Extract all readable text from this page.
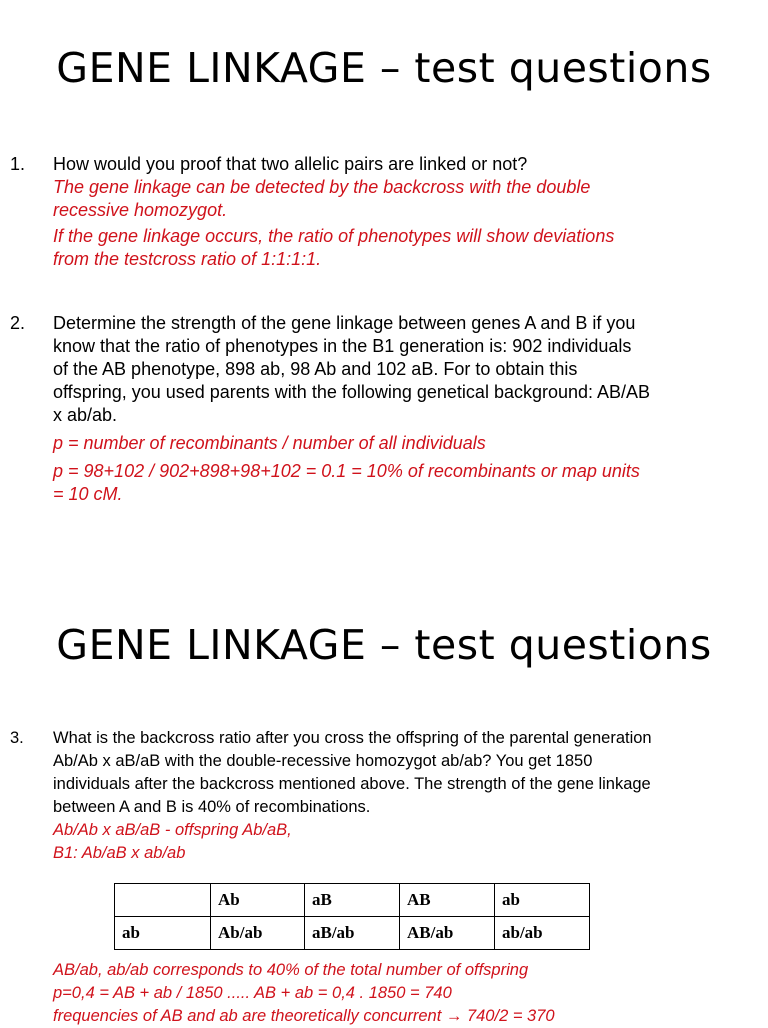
GENE LINKAGE – test questions
1. How would you proof that two allelic pairs are linked or not?
The gene linkage can be detected by the backcross with the double
recessive homozygot.
If the gene linkage occurs, the ratio of phenotypes will show deviations
from the testcross ratio of 1:1:1:1.
2. Determine the strength of the gene linkage between genes A and B if you
know that the ratio of phenotypes in the B1 generation is: 902 individuals
of the AB phenotype, 898 ab, 98 Ab and 102 aB. For to obtain this
offspring, you used parents with the following genetical background: AB/AB
x ab/ab.
p = number of recombinants / number of all individuals
p = 98+102 / 902+898+98+102 = 0.1 = 10% of recombinants or map units
= 10 cM.
GENE LINKAGE – test questions
3. What is the backcross ratio after you cross the offspring of the parental generation
Ab/Ab x aB/aB with the double-recessive homozygot ab/ab? You get 1850
individuals after the backcross mentioned above. The strength of the gene linkage
between A and B is 40% of recombinations.
Ab/Ab x aB/aB - offspring Ab/aB,
B1: Ab/aB x ab/ab
	Ab	aB	AB	ab
ab	Ab/ab	aB/ab	AB/ab	ab/ab
AB/ab, ab/ab corresponds to 40% of the total number of offspring
p=0,4 = AB + ab / 1850 ..... AB + ab = 0,4 . 1850 = 740
frequencies of AB and ab are theoretically concurrent → 740/2 = 370
